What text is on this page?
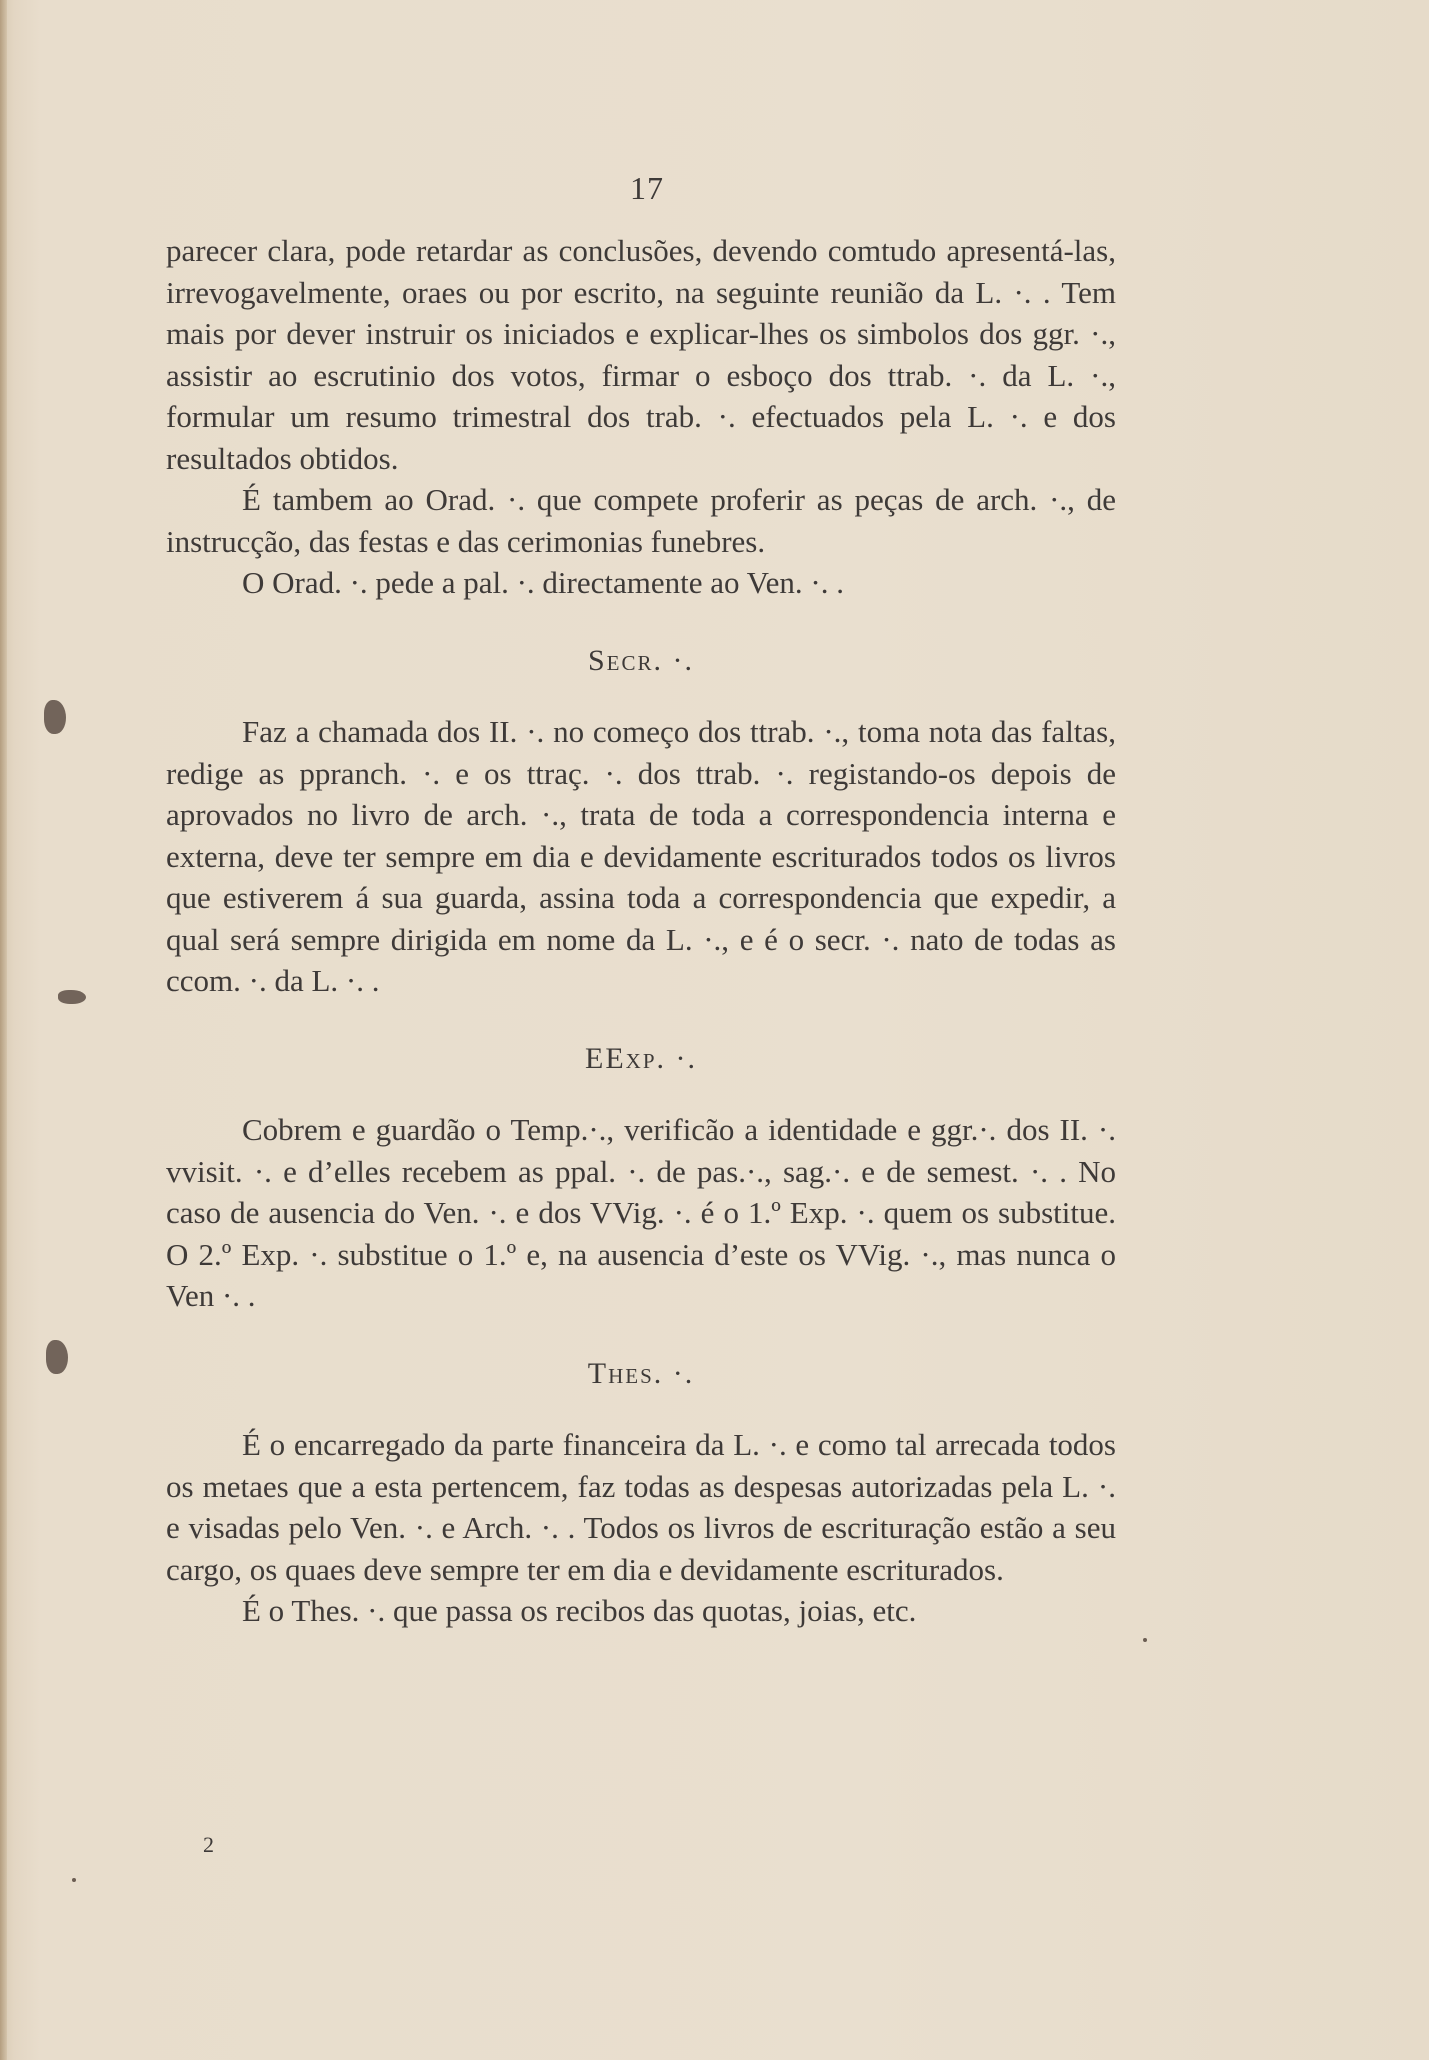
17

parecer clara, pode retardar as conclusões, devendo comtudo apresentá-las, irrevogavelmente, oraes ou por escrito, na seguinte reunião da L. ·. . Tem mais por dever instruir os iniciados e explicar-lhes os simbolos dos ggr. ·., assistir ao escrutinio dos votos, firmar o esboço dos ttrab. ·. da L. ·., formular um resumo trimestral dos trab. ·. efectuados pela L. ·. e dos resultados obtidos.

É tambem ao Orad. ·. que compete proferir as peças de arch. ·., de instrucção, das festas e das cerimonias funebres.

O Orad. ·. pede a pal. ·. directamente ao Ven. ·. .

Secr. ·.

Faz a chamada dos II. ·. no começo dos ttrab. ·., toma nota das faltas, redige as ppranch. ·. e os ttraç. ·. dos ttrab. ·. registando-os depois de aprovados no livro de arch. ·., trata de toda a correspondencia interna e externa, deve ter sempre em dia e devidamente escriturados todos os livros que estiverem á sua guarda, assina toda a correspondencia que expedir, a qual será sempre dirigida em nome da L. ·., e é o secr. ·. nato de todas as ccom. ·. da L. ·. .

EExp. ·.

Cobrem e guardão o Temp.·., verificão a identidade e ggr.·. dos II. ·. vvisit. ·. e d’elles recebem as ppal. ·. de pas.·., sag.·. e de semest. ·. . No caso de ausencia do Ven. ·. e dos VVig. ·. é o 1.º Exp. ·. quem os substitue. O 2.º Exp. ·. substitue o 1.º e, na ausencia d’este os VVig. ·., mas nunca o Ven ·. .

Thes. ·.

É o encarregado da parte financeira da L. ·. e como tal arrecada todos os metaes que a esta pertencem, faz todas as despesas autorizadas pela L. ·. e visadas pelo Ven. ·. e Arch. ·. . Todos os livros de escrituração estão a seu cargo, os quaes deve sempre ter em dia e devidamente escriturados.

É o Thes. ·. que passa os recibos das quotas, joias, etc.

2
